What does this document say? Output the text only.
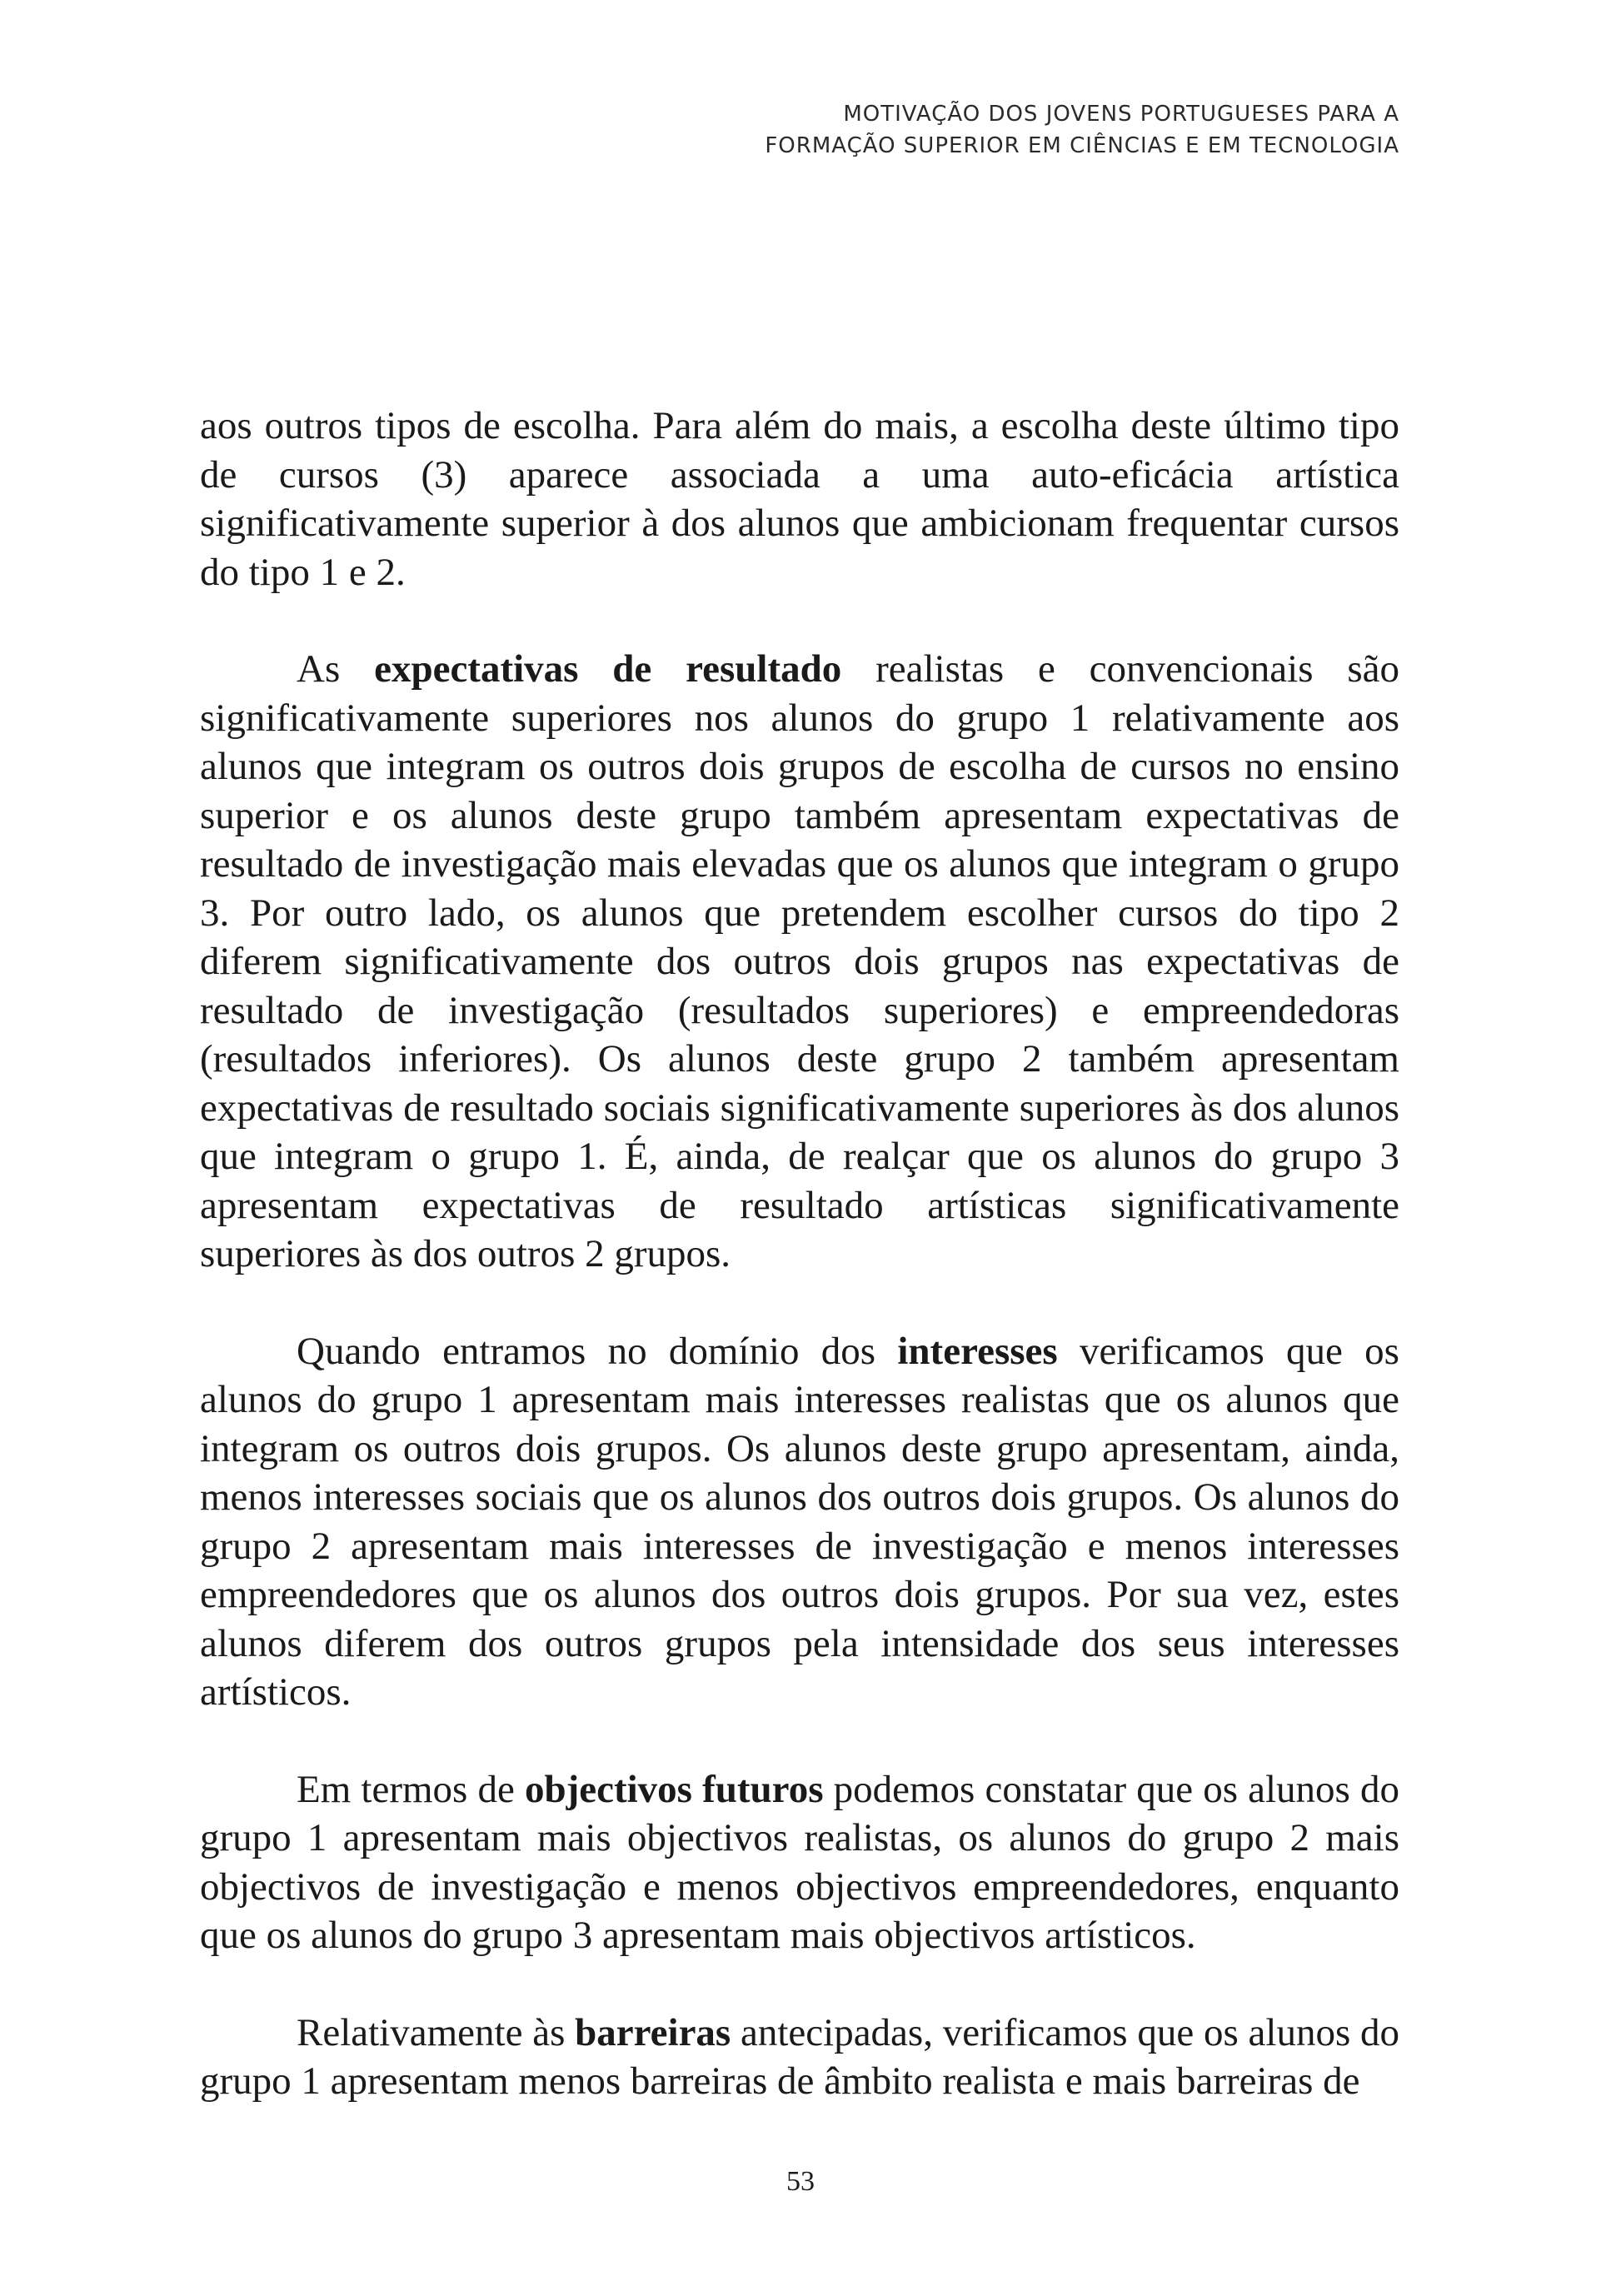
MOTIVAÇÃO DOS JOVENS PORTUGUESES PARA A
FORMAÇÃO SUPERIOR EM CIÊNCIAS E EM TECNOLOGIA

aos outros tipos de escolha. Para além do mais, a escolha deste último tipo de cursos (3) aparece associada a uma auto-eficácia artística significativamente superior à dos alunos que ambicionam frequentar cursos do tipo 1 e 2.

As expectativas de resultado realistas e convencionais são significativamente superiores nos alunos do grupo 1 relativamente aos alunos que integram os outros dois grupos de escolha de cursos no ensino superior e os alunos deste grupo também apresentam expectativas de resultado de investigação mais elevadas que os alunos que integram o grupo 3. Por outro lado, os alunos que pretendem escolher cursos do tipo 2 diferem significativamente dos outros dois grupos nas expectativas de resultado de investigação (resultados superiores) e empreendedoras (resultados inferiores). Os alunos deste grupo 2 também apresentam expectativas de resultado sociais significativamente superiores às dos alunos que integram o grupo 1. É, ainda, de realçar que os alunos do grupo 3 apresentam expectativas de resultado artísticas significativamente superiores às dos outros 2 grupos.

Quando entramos no domínio dos interesses verificamos que os alunos do grupo 1 apresentam mais interesses realistas que os alunos que integram os outros dois grupos. Os alunos deste grupo apresentam, ainda, menos interesses sociais que os alunos dos outros dois grupos. Os alunos do grupo 2 apresentam mais interesses de investigação e menos interesses empreendedores que os alunos dos outros dois grupos. Por sua vez, estes alunos diferem dos outros grupos pela intensidade dos seus interesses artísticos.

Em termos de objectivos futuros podemos constatar que os alunos do grupo 1 apresentam mais objectivos realistas, os alunos do grupo 2 mais objectivos de investigação e menos objectivos empreendedores, enquanto que os alunos do grupo 3 apresentam mais objectivos artísticos.

Relativamente às barreiras antecipadas, verificamos que os alunos do grupo 1 apresentam menos barreiras de âmbito realista e mais barreiras de

53
